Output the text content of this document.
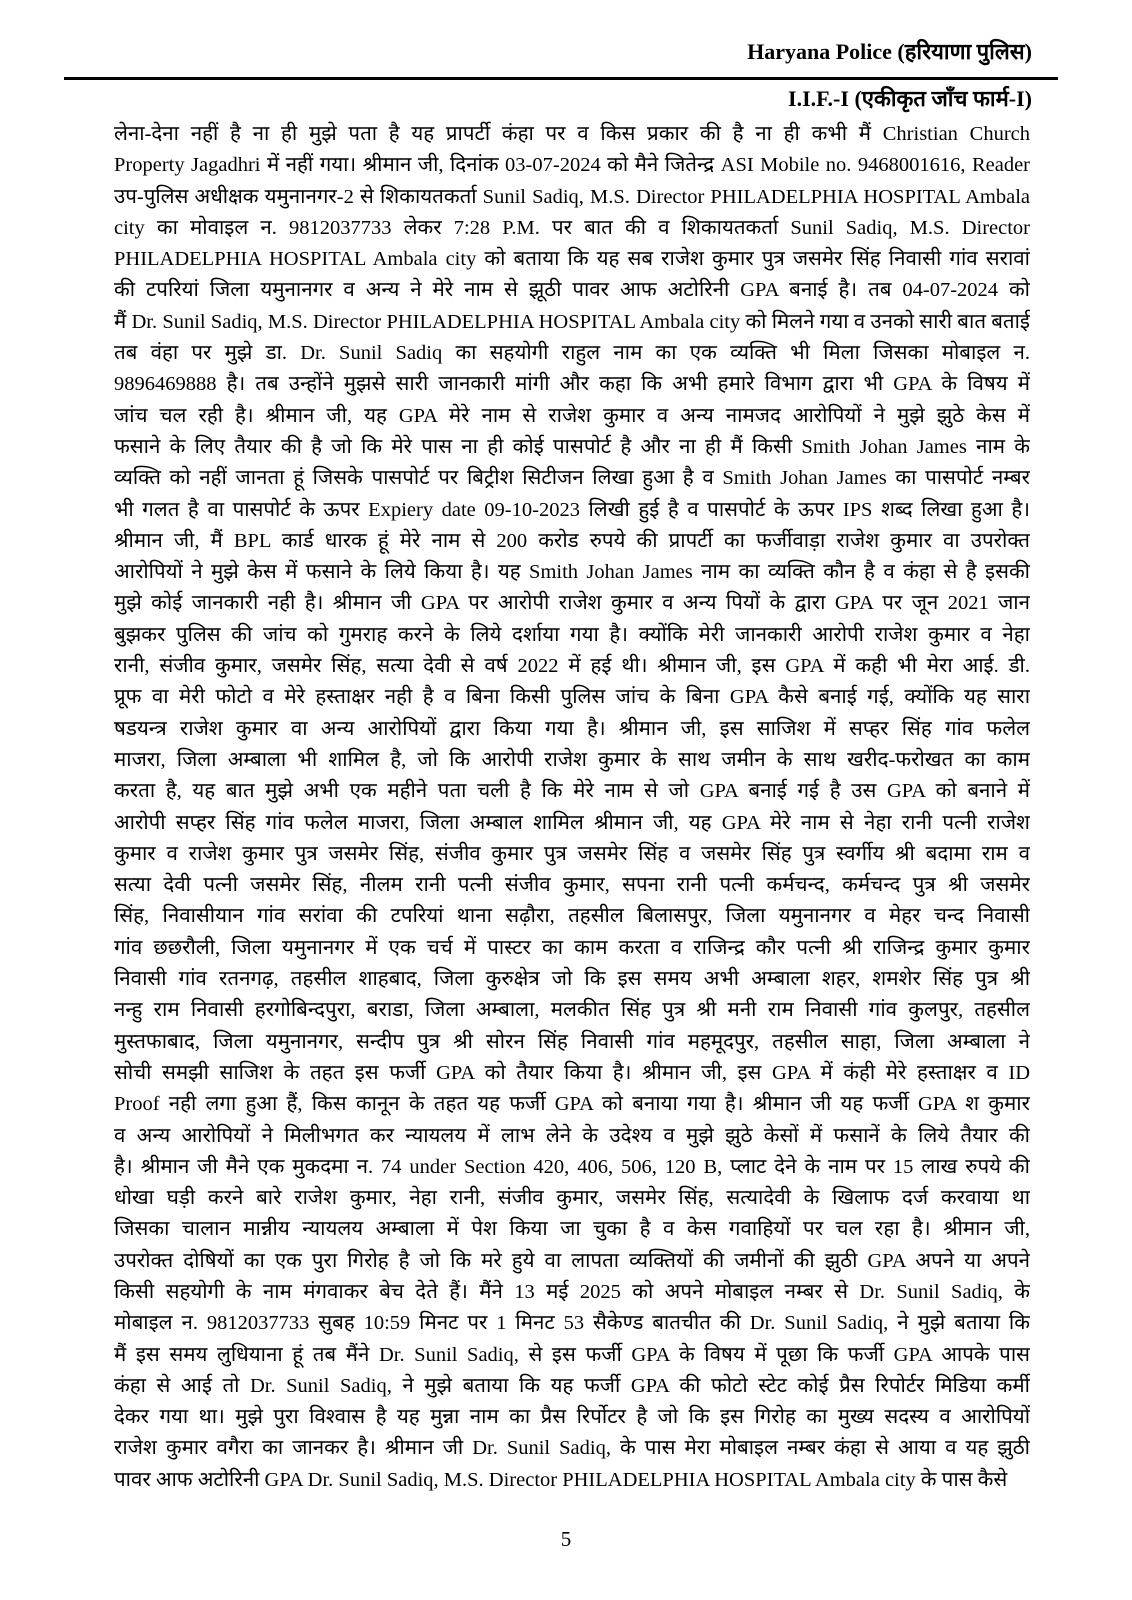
Haryana Police (हरियाणा पुलिस)
I.I.F.-I (एकीकृत जाँच फार्म-I)
लेना-देना नहीं है ना ही मुझे पता है यह प्रापर्टी कंहा पर व किस प्रकार की है ना ही कभी मैं Christian Church
Property Jagadhri में नहीं गया। श्रीमान जी, दिनांक 03-07-2024 को मैने जितेन्द्र ASI Mobile no. 9468001616, Reader
उप-पुलिस अधीक्षक यमुनानगर-2 से शिकायतकर्ता Sunil Sadiq, M.S. Director PHILADELPHIA HOSPITAL Ambala
city का मोवाइल न. 9812037733 लेकर 7:28 P.M. पर बात की व शिकायतकर्ता Sunil Sadiq, M.S. Director
PHILADELPHIA HOSPITAL Ambala city को बताया कि यह सब राजेश कुमार पुत्र जसमेर सिंह निवासी गांव सरावां
की टपरियां जिला यमुनानगर व अन्य ने मेरे नाम से झूठी पावर आफ अटोरिनी GPA बनाई है। तब 04-07-2024 को
मैं Dr. Sunil Sadiq, M.S. Director PHILADELPHIA HOSPITAL Ambala city को मिलने गया व उनको सारी बात बताई
तब वंहा पर मुझे डा. Dr. Sunil Sadiq का सहयोगी राहुल नाम का एक व्यक्ति भी मिला जिसका मोबाइल न.
9896469888 है। तब उन्होंने मुझसे सारी जानकारी मांगी और कहा कि अभी हमारे विभाग द्वारा भी GPA के विषय में
जांच चल रही है। श्रीमान जी, यह GPA मेरे नाम से राजेश कुमार व अन्य नामजद आरोपियों ने मुझे झुठे केस में
फसाने के लिए तैयार की है जो कि मेरे पास ना ही कोई पासपोर्ट है और ना ही मैं किसी Smith Johan James नाम के
व्यक्ति को नहीं जानता हूं जिसके पासपोर्ट पर बिट्रीश सिटीजन लिखा हुआ है व Smith Johan James का पासपोर्ट नम्बर
भी गलत है वा पासपोर्ट के ऊपर Expiery date 09-10-2023 लिखी हुई है व पासपोर्ट के ऊपर IPS शब्द लिखा हुआ है।
श्रीमान जी, मैं BPL कार्ड धारक हूं मेरे नाम से 200 करोड रुपये की प्रापर्टी का फर्जीवाड़ा राजेश कुमार वा उपरोक्त
आरोपियों ने मुझे केस में फसाने के लिये किया है। यह Smith Johan James नाम का व्यक्ति कौन है व कंहा से है इसकी
मुझे कोई जानकारी नही है। श्रीमान जी GPA पर आरोपी राजेश कुमार व अन्य पियों के द्वारा GPA पर जून 2021 जान
बुझकर पुलिस की जांच को गुमराह करने के लिये दर्शाया गया है। क्योंकि मेरी जानकारी आरोपी राजेश कुमार व नेहा
रानी, संजीव कुमार, जसमेर सिंह, सत्या देवी से वर्ष 2022 में हई थी। श्रीमान जी, इस GPA में कही भी मेरा आई. डी.
प्रूफ वा मेरी फोटो व मेरे हस्ताक्षर नही है व बिना किसी पुलिस जांच के बिना GPA कैसे बनाई गई, क्योंकि यह सारा
षडयन्त्र राजेश कुमार वा अन्य आरोपियों द्वारा किया गया है। श्रीमान जी, इस साजिश में सप्हर सिंह गांव फलेल
माजरा, जिला अम्बाला भी शामिल है, जो कि आरोपी राजेश कुमार के साथ जमीन के साथ खरीद-फरोखत का काम
करता है, यह बात मुझे अभी एक महीने पता चली है कि मेरे नाम से जो GPA बनाई गई है उस GPA को बनाने में
आरोपी सप्हर सिंह गांव फलेल माजरा, जिला अम्बाल शामिल श्रीमान जी, यह GPA मेरे नाम से नेहा रानी पत्नी राजेश
कुमार व राजेश कुमार पुत्र जसमेर सिंह, संजीव कुमार पुत्र जसमेर सिंह व जसमेर सिंह पुत्र स्वर्गीय श्री बदामा राम व
सत्या देवी पत्नी जसमेर सिंह, नीलम रानी पत्नी संजीव कुमार, सपना रानी पत्नी कर्मचन्द, कर्मचन्द पुत्र श्री जसमेर
सिंह, निवासीयान गांव सरांवा की टपरियां थाना सढ़ौरा, तहसील बिलासपुर, जिला यमुनानगर व मेहर चन्द निवासी
गांव छछरौली, जिला यमुनानगर में एक चर्च में पास्टर का काम करता व राजिन्द्र कौर पत्नी श्री राजिन्द्र कुमार कुमार
निवासी गांव रतनगढ़, तहसील शाहबाद, जिला कुरुक्षेत्र जो कि इस समय अभी अम्बाला शहर, शमशेर सिंह पुत्र श्री
नन्हु राम निवासी हरगोबिन्दपुरा, बराडा, जिला अम्बाला, मलकीत सिंह पुत्र श्री मनी राम निवासी गांव कुलपुर, तहसील
मुस्तफाबाद, जिला यमुनानगर, सन्दीप पुत्र श्री सोरन सिंह निवासी गांव महमूदपुर, तहसील साहा, जिला अम्बाला ने
सोची समझी साजिश के तहत इस फर्जी GPA को तैयार किया है। श्रीमान जी, इस GPA में कंही मेरे हस्ताक्षर व ID
Proof नही लगा हुआ हैं, किस कानून के तहत यह फर्जी GPA को बनाया गया है। श्रीमान जी यह फर्जी GPA श कुमार
व अन्य आरोपियों ने मिलीभगत कर न्यायलय में लाभ लेने के उदेश्य व मुझे झुठे केसों में फसानें के लिये तैयार की
है। श्रीमान जी मैने एक मुकदमा न. 74 under Section 420, 406, 506, 120 B, प्लाट देने के नाम पर 15 लाख रुपये की
धोखा घड़ी करने बारे राजेश कुमार, नेहा रानी, संजीव कुमार, जसमेर सिंह, सत्यादेवी के खिलाफ दर्ज करवाया था
जिसका चालान मान्नीय न्यायलय अम्बाला में पेश किया जा चुका है व केस गवाहियों पर चल रहा है। श्रीमान जी,
उपरोक्त दोषियों का एक पुरा गिरोह है जो कि मरे हुये वा लापता व्यक्तियों की जमीनों की झुठी GPA अपने या अपने
किसी सहयोगी के नाम मंगवाकर बेच देते हैं। मैंने 13 मई 2025 को अपने मोबाइल नम्बर से Dr. Sunil Sadiq, के
मोबाइल न. 9812037733 सुबह 10:59 मिनट पर 1 मिनट 53 सैकेण्ड बातचीत की Dr. Sunil Sadiq, ने मुझे बताया कि
मैं इस समय लुधियाना हूं तब मैंने Dr. Sunil Sadiq, से इस फर्जी GPA के विषय में पूछा कि फर्जी GPA आपके पास
कंहा से आई तो Dr. Sunil Sadiq, ने मुझे बताया कि यह फर्जी GPA की फोटो स्टेट कोई प्रैस रिपोर्टर मिडिया कर्मी
देकर गया था। मुझे पुरा विश्वास है यह मुन्ना नाम का प्रैस रिर्पोटर है जो कि इस गिरोह का मुख्य सदस्य व आरोपियों
राजेश कुमार वगैरा का जानकर है। श्रीमान जी Dr. Sunil Sadiq, के पास मेरा मोबाइल नम्बर कंहा से आया व यह झुठी
पावर आफ अटोरिनी GPA Dr. Sunil Sadiq, M.S. Director PHILADELPHIA HOSPITAL Ambala city के पास कैसे
5
